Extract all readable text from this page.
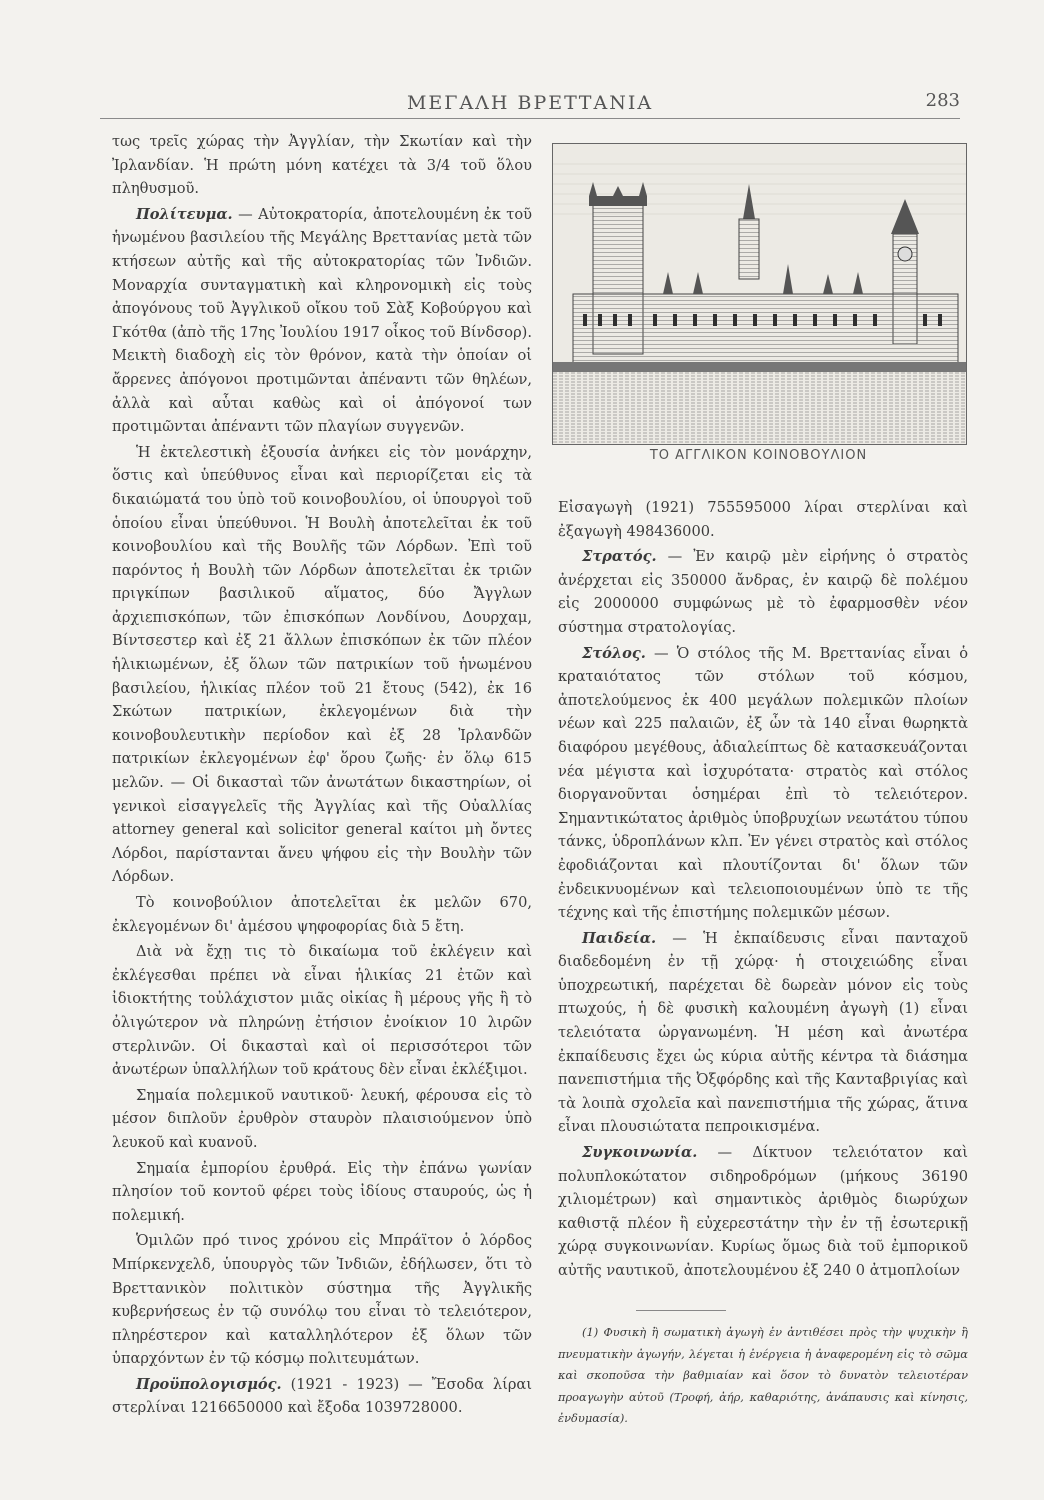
ΜΕΓΑΛΗ ΒΡΕΤΤΑΝΙΑ	283

τως τρεῖς χώρας τὴν Ἀγγλίαν, τὴν Σκωτίαν καὶ τὴν Ἰρλανδίαν. Ἡ πρώτη μόνη κατέχει τὰ 3/4 τοῦ ὅλου πληθυσμοῦ.

Πολίτευμα. — Αὐτοκρατορία, ἀποτελουμένη ἐκ τοῦ ἡνωμένου βασιλείου τῆς Μεγάλης Βρεττανίας μετὰ τῶν κτήσεων αὐτῆς καὶ τῆς αὐτοκρατορίας τῶν Ἰνδιῶν. Μοναρχία συνταγματικὴ καὶ κληρονομικὴ εἰς τοὺς ἀπογόνους τοῦ Ἀγγλικοῦ οἴκου τοῦ Σὰξ Κοβούργου καὶ Γκότθα (ἀπὸ τῆς 17ης Ἰουλίου 1917 οἶκος τοῦ Βίνδσορ). Μεικτὴ διαδοχὴ εἰς τὸν θρόνον, κατὰ τὴν ὁποίαν οἱ ἄρρενες ἀπόγονοι προτιμῶνται ἀπέναντι τῶν θηλέων, ἀλλὰ καὶ αὗται καθὼς καὶ οἱ ἀπόγονοί των προτιμῶνται ἀπέναντι τῶν πλαγίων συγγενῶν.

Ἡ ἐκτελεστικὴ ἐξουσία ἀνήκει εἰς τὸν μονάρχην, ὅστις καὶ ὑπεύθυνος εἶναι καὶ περιορίζεται εἰς τὰ δικαιώματά του ὑπὸ τοῦ κοινοβουλίου, οἱ ὑπουργοὶ τοῦ ὁποίου εἶναι ὑπεύθυνοι. Ἡ Βουλὴ ἀποτελεῖται ἐκ τοῦ κοινοβουλίου καὶ τῆς Βουλῆς τῶν Λόρδων. Ἐπὶ τοῦ παρόντος ἡ Βουλὴ τῶν Λόρδων ἀποτελεῖται ἐκ τριῶν πριγκίπων βασιλικοῦ αἵματος, δύο Ἄγγλων ἀρχιεπισκόπων, τῶν ἐπισκόπων Λονδίνου, Δουρχαμ, Βίντσεστερ καὶ ἐξ 21 ἄλλων ἐπισκόπων ἐκ τῶν πλέον ἡλικιωμένων, ἐξ ὅλων τῶν πατρικίων τοῦ ἡνωμένου βασιλείου, ἡλικίας πλέον τοῦ 21 ἔτους (542), ἐκ 16 Σκώτων πατρικίων, ἐκλεγομένων διὰ τὴν κοινοβουλευτικὴν περίοδον καὶ ἐξ 28 Ἰρλανδῶν πατρικίων ἐκλεγομένων ἐφ' ὅρου ζωῆς· ἐν ὅλῳ 615 μελῶν. — Οἱ δικασταὶ τῶν ἀνωτάτων δικαστηρίων, οἱ γενικοὶ εἰσαγγελεῖς τῆς Ἀγγλίας καὶ τῆς Οὐαλλίας attorney general καὶ solicitor general καίτοι μὴ ὄντες Λόρδοι, παρίστανται ἄνευ ψήφου εἰς τὴν Βουλὴν τῶν Λόρδων.

Τὸ κοινοβούλιον ἀποτελεῖται ἐκ μελῶν 670, ἐκλεγομένων δι' ἀμέσου ψηφοφορίας διὰ 5 ἔτη.

Διὰ νὰ ἔχῃ τις τὸ δικαίωμα τοῦ ἐκλέγειν καὶ ἐκλέγεσθαι πρέπει νὰ εἶναι ἡλικίας 21 ἐτῶν καὶ ἰδιοκτήτης τοὐλάχιστον μιᾶς οἰκίας ἢ μέρους γῆς ἢ τὸ ὀλιγώτερον νὰ πληρώνῃ ἐτήσιον ἐνοίκιον 10 λιρῶν στερλινῶν. Οἱ δικασταὶ καὶ οἱ περισσότεροι τῶν ἀνωτέρων ὑπαλλήλων τοῦ κράτους δὲν εἶναι ἐκλέξιμοι.

Σημαία πολεμικοῦ ναυτικοῦ· λευκή, φέρουσα εἰς τὸ μέσον διπλοῦν ἐρυθρὸν σταυρὸν πλαισιούμενον ὑπὸ λευκοῦ καὶ κυανοῦ.

Σημαία ἐμπορίου ἐρυθρά. Εἰς τὴν ἐπάνω γωνίαν πλησίον τοῦ κοντοῦ φέρει τοὺς ἰδίους σταυρούς, ὡς ἡ πολεμική.

Ὁμιλῶν πρό τινος χρόνου εἰς Μπράϊτον ὁ λόρδος Μπίρκενχελδ, ὑπουργὸς τῶν Ἰνδιῶν, ἐδήλωσεν, ὅτι τὸ Βρεττανικὸν πολιτικὸν σύστημα τῆς Ἀγγλικῆς κυβερνήσεως ἐν τῷ συνόλῳ του εἶναι τὸ τελειότερον, πληρέστερον καὶ καταλληλότερον ἐξ ὅλων τῶν ὑπαρχόντων ἐν τῷ κόσμῳ πολιτευμάτων.

Προϋπολογισμός. (1921 - 1923) — Ἔσοδα λίραι στερλίναι 1216650000 καὶ ἔξοδα 1039728000.

ΤΟ ΑΓΓΛΙΚΟΝ ΚΟΙΝΟΒΟΥΛΙΟΝ

Εἰσαγωγὴ (1921) 755595000 λίραι στερλίναι καὶ ἐξαγωγὴ 498436000.

Στρατός. — Ἐν καιρῷ μὲν εἰρήνης ὁ στρατὸς ἀνέρχεται εἰς 350000 ἄνδρας, ἐν καιρῷ δὲ πολέμου εἰς 2000000 συμφώνως μὲ τὸ ἐφαρμοσθὲν νέον σύστημα στρατολογίας.

Στόλος. — Ὁ στόλος τῆς Μ. Βρεττανίας εἶναι ὁ κραταιότατος τῶν στόλων τοῦ κόσμου, ἀποτελούμενος ἐκ 400 μεγάλων πολεμικῶν πλοίων νέων καὶ 225 παλαιῶν, ἐξ ὧν τὰ 140 εἶναι θωρηκτὰ διαφόρου μεγέθους, ἀδιαλείπτως δὲ κατασκευάζονται νέα μέγιστα καὶ ἰσχυρότατα· στρατὸς καὶ στόλος διοργανοῦνται ὁσημέραι ἐπὶ τὸ τελειότερον. Σημαντικώτατος ἀριθμὸς ὑποβρυχίων νεωτάτου τύπου τάνκς, ὑδροπλάνων κλπ. Ἐν γένει στρατὸς καὶ στόλος ἐφοδιάζονται καὶ πλουτίζονται δι' ὅλων τῶν ἐνδεικνυομένων καὶ τελειοποιουμένων ὑπὸ τε τῆς τέχνης καὶ τῆς ἐπιστήμης πολεμικῶν μέσων.

Παιδεία. — Ἡ ἐκπαίδευσις εἶναι πανταχοῦ διαδεδομένη ἐν τῇ χώρᾳ· ἡ στοιχειώδης εἶναι ὑποχρεωτική, παρέχεται δὲ δωρεὰν μόνον εἰς τοὺς πτωχούς, ἡ δὲ φυσικὴ καλουμένη ἀγωγὴ (1) εἶναι τελειότατα ὠργανωμένη. Ἡ μέση καὶ ἀνωτέρα ἐκπαίδευσις ἔχει ὡς κύρια αὐτῆς κέντρα τὰ διάσημα πανεπιστήμια τῆς Ὀξφόρδης καὶ τῆς Κανταβριγίας καὶ τὰ λοιπὰ σχολεῖα καὶ πανεπιστήμια τῆς χώρας, ἅτινα εἶναι πλουσιώτατα πεπροικισμένα.

Συγκοινωνία. — Δίκτυον τελειότατον καὶ πολυπλοκώτατον σιδηροδρόμων (μήκους 36190 χιλιομέτρων) καὶ σημαντικὸς ἀριθμὸς διωρύχων καθιστᾷ πλέον ἢ εὐχερεστάτην τὴν ἐν τῇ ἐσωτερικῇ χώρᾳ συγκοινωνίαν. Κυρίως ὅμως διὰ τοῦ ἐμπορικοῦ αὐτῆς ναυτικοῦ, ἀποτελουμένου ἐξ 240 0 ἀτμοπλοίων

(1) Φυσικὴ ἢ σωματικὴ ἀγωγὴ ἐν ἀντιθέσει πρὸς τὴν ψυχικὴν ἢ πνευματικὴν ἀγωγήν, λέγεται ἡ ἐνέργεια ἡ ἀναφερομένη εἰς τὸ σῶμα καὶ σκοποῦσα τὴν βαθμιαίαν καὶ ὅσον τὸ δυνατὸν τελειοτέραν προαγωγὴν αὐτοῦ (Τροφή, ἀήρ, καθαριότης, ἀνάπαυσις καὶ κίνησις, ἐνδυμασία).
